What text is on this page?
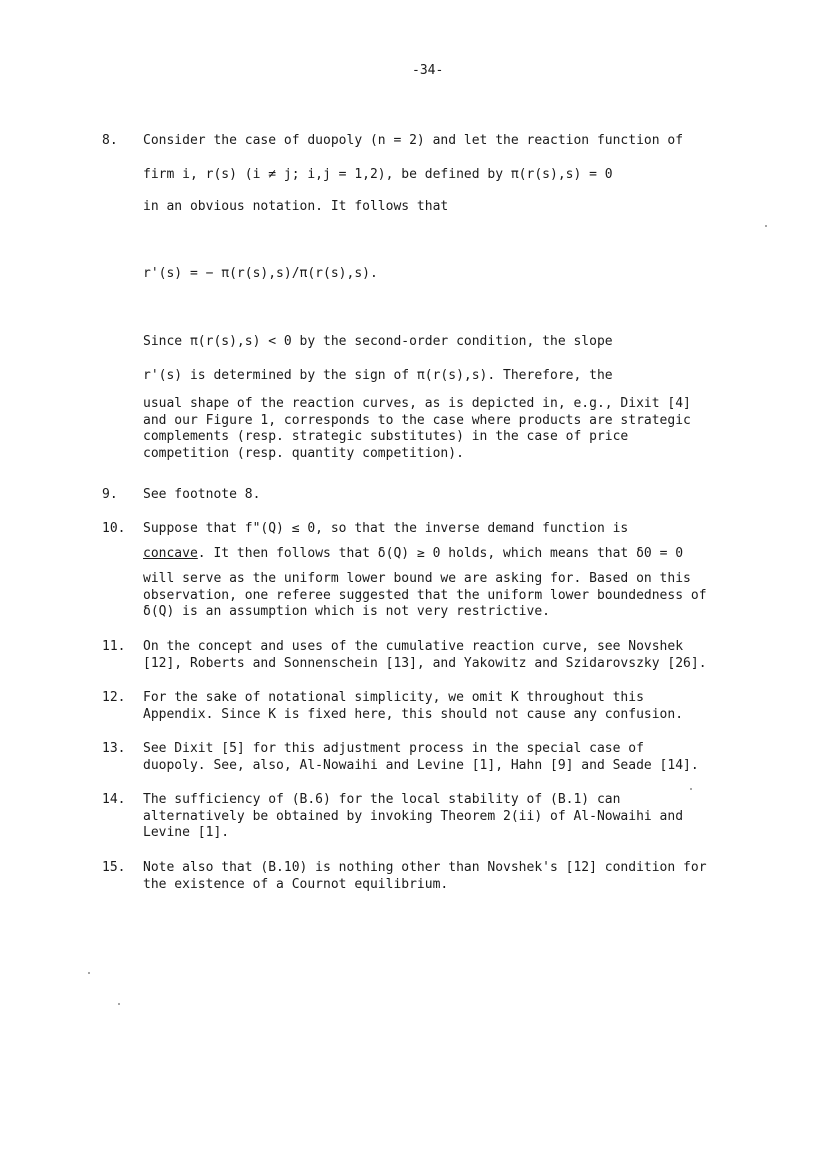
-34-
8. Consider the case of duopoly (n = 2) and let the reaction function of
firm i, r(s) (i ≠ j; i,j = 1,2), be defined by π(r(s),s) = 0
in an obvious notation. It follows that
r'(s) = − π(r(s),s)/π(r(s),s).
Since π(r(s),s) < 0 by the second-order condition, the slope
r'(s) is determined by the sign of π(r(s),s). Therefore, the
usual shape of the reaction curves, as is depicted in, e.g., Dixit [4]
and our Figure 1, corresponds to the case where products are strategic
complements (resp. strategic substitutes) in the case of price
competition (resp. quantity competition).
9. See footnote 8.
10. Suppose that f"(Q) ≤ 0, so that the inverse demand function is
concave. It then follows that δ(Q) ≥ 0 holds, which means that δ0 = 0
will serve as the uniform lower bound we are asking for. Based on this
observation, one referee suggested that the uniform lower boundedness of
δ(Q) is an assumption which is not very restrictive.
11. On the concept and uses of the cumulative reaction curve, see Novshek
[12], Roberts and Sonnenschein [13], and Yakowitz and Szidarovszky [26].
12. For the sake of notational simplicity, we omit K throughout this
Appendix. Since K is fixed here, this should not cause any confusion.
13. See Dixit [5] for this adjustment process in the special case of
duopoly. See, also, Al-Nowaihi and Levine [1], Hahn [9] and Seade [14].
14. The sufficiency of (B.6) for the local stability of (B.1) can
alternatively be obtained by invoking Theorem 2(ii) of Al-Nowaihi and
Levine [1].
15. Note also that (B.10) is nothing other than Novshek's [12] condition for
the existence of a Cournot equilibrium.
